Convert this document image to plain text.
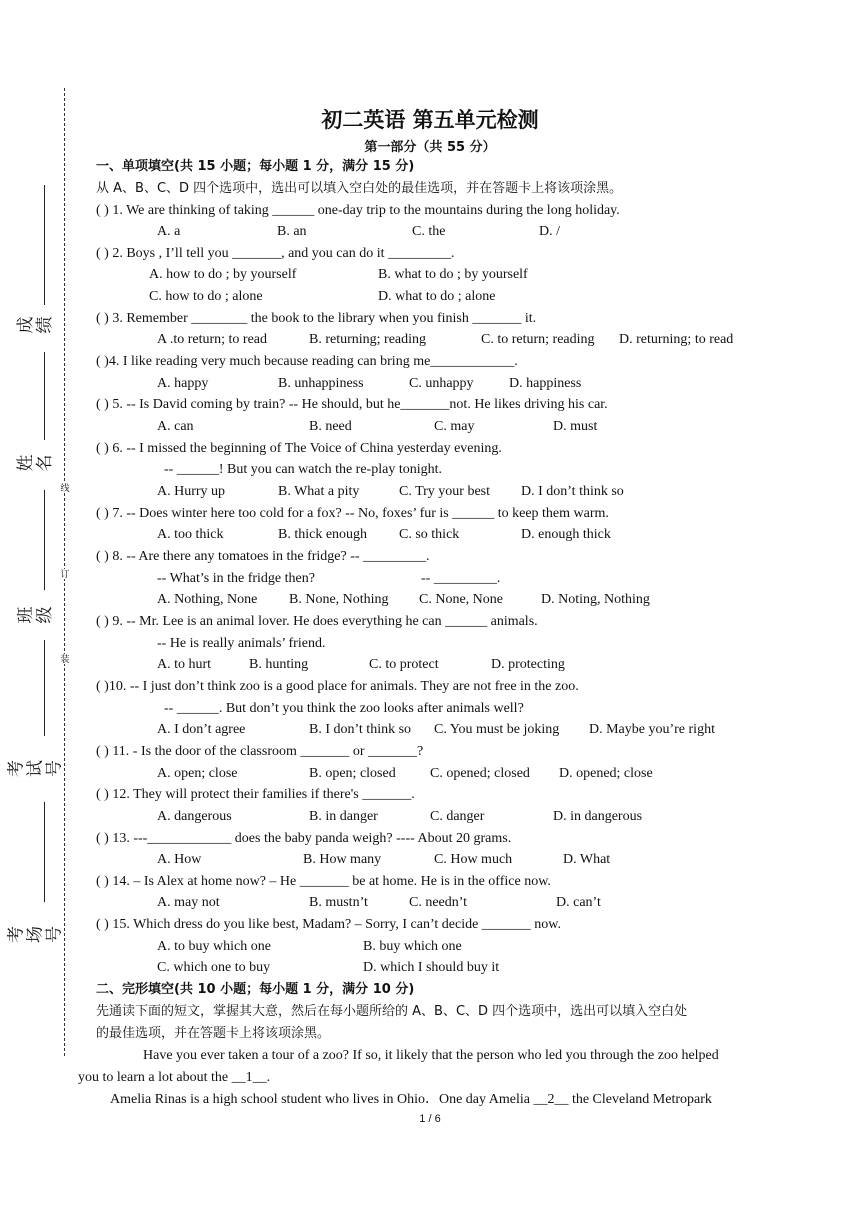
线
订
装
成绩
姓名
班级
考试号
考场号
初二英语 第五单元检测
第一部分（共 55 分）
一、单项填空(共 15 小题；每小题 1 分，满分 15 分)
从 A、B、C、D 四个选项中，选出可以填入空白处的最佳选项，并在答题卡上将该项涂黑。
( ) 1. We are thinking of taking ______ one-day trip to the mountains during the long holiday.
A. a	B. an	C. the	D. /
( ) 2. Boys , I’ll tell you _______, and you can do it _________.
A. how to do ; by yourself	B. what to do ; by yourself
C. how to do ; alone	D. what to do ; alone
( ) 3. Remember ________ the book to the library when you finish _______ it.
A .to return; to read	B. returning; reading	C. to return; reading D. returning; to read
( )4. I like reading very much because reading can bring me____________.
A. happy	B. unhappiness	C. unhappy	D. happiness
( ) 5. -- Is David coming by train? -- He should, but he_______not. He likes driving his car.
A. can	B. need	C. may	D. must
( ) 6. -- I missed the beginning of The Voice of China yesterday evening.
-- ______! But you can watch the re-play tonight.
A. Hurry up	B. What a pity	C. Try your best D. I don’t think so
( ) 7. -- Does winter here too cold for a fox? -- No, foxes’ fur is ______ to keep them warm.
A. too thick	B. thick enough C. so thick	D. enough thick
( ) 8. -- Are there any tomatoes in the fridge? -- _________.
-- What’s in the fridge then?	-- _________.
A. Nothing, None B. None, Nothing C. None, None	D. Noting, Nothing
( ) 9. -- Mr. Lee is an animal lover. He does everything he can ______ animals.
-- He is really animals’ friend.
A. to hurt	B. hunting	C. to protect	D. protecting
( )10. -- I just don’t think zoo is a good place for animals. They are not free in the zoo.
-- ______. But don’t you think the zoo looks after animals well?
A. I don’t agree	B. I don’t think so C. You must be joking D. Maybe you’re right
( ) 11. - Is the door of the classroom _______ or _______?
A. open; close	B. open; closed C. opened; closed D. opened; close
( ) 12. They will protect their families if there's _______.
A. dangerous	B. in danger	C. danger	D. in dangerous
( ) 13. ---____________ does the baby panda weigh? ---- About 20 grams.
A. How	B. How many	C. How much	D. What
( ) 14. – Is Alex at home now? – He _______ be at home. He is in the office now.
A. may not	B. mustn’t	C. needn’t	D. can’t
( ) 15. Which dress do you like best, Madam? – Sorry, I can’t decide _______ now.
A. to buy which one	B. buy which one
C. which one to buy	D. which I should buy it
二、完形填空(共 10 小题；每小题 1 分，满分 10 分)
先通读下面的短文，掌握其大意，然后在每小题所给的 A、B、C、D 四个选项中，选出可以填入空白处
的最佳选项，并在答题卡上将该项涂黑。
Have you ever taken a tour of a zoo? If so, it likely that the person who led you through the zoo helped
you to learn a lot about the __1__.
Amelia Rinas is a high school student who lives in Ohio．One day Amelia __2__ the Cleveland Metropark
1 / 6
